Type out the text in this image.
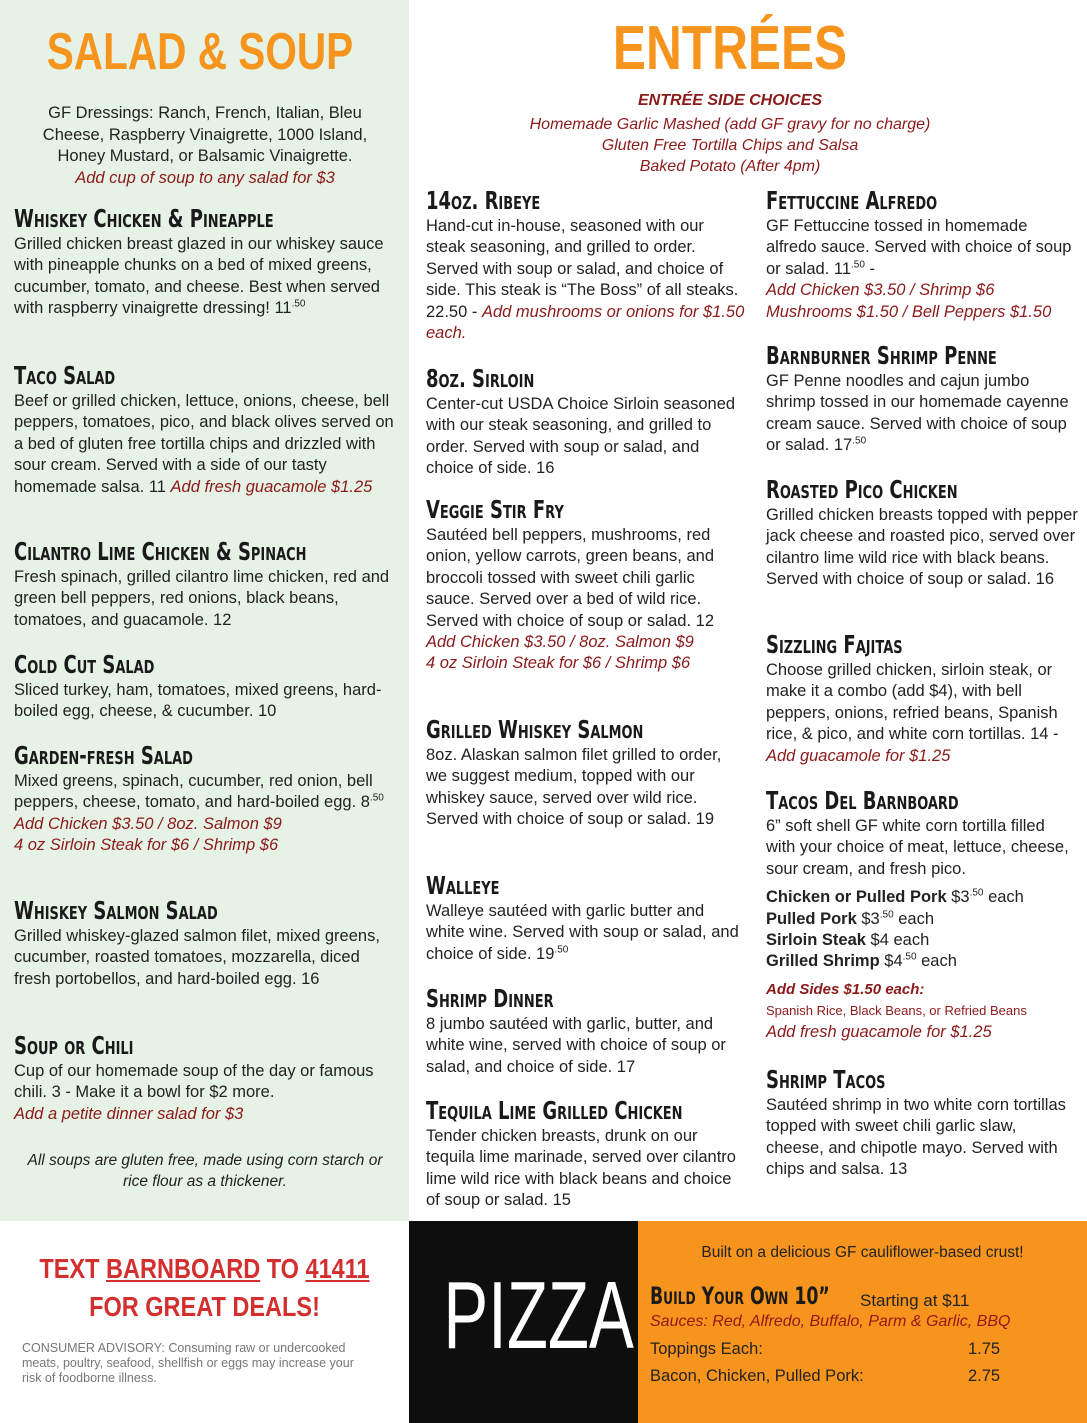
SALAD & SOUP
GF Dressings: Ranch, French, Italian, Bleu Cheese, Raspberry Vinaigrette, 1000 Island, Honey Mustard, or Balsamic Vinaigrette.
Add cup of soup to any salad for $3
Whiskey Chicken & Pineapple
Grilled chicken breast glazed in our whiskey sauce with pineapple chunks on a bed of mixed greens, cucumber, tomato, and cheese. Best when served with raspberry vinaigrette dressing! $11^{.50}$
Taco Salad
Beef or grilled chicken, lettuce, onions, cheese, bell peppers, tomatoes, pico, and black olives served on a bed of gluten free tortilla chips and drizzled with sour cream. Served with a side of our tasty homemade salsa. 11 Add fresh guacamole $1.25
Cilantro Lime Chicken & Spinach
Fresh spinach, grilled cilantro lime chicken, red and green bell peppers, red onions, black beans, tomatoes, and guacamole. 12
Cold Cut Salad
Sliced turkey, ham, tomatoes, mixed greens, hard-boiled egg, cheese, & cucumber. 10
Garden-fresh Salad
Mixed greens, spinach, cucumber, red onion, bell peppers, cheese, tomato, and hard-boiled egg. $8^{.50}$
Add Chicken $3.50 / 8oz. Salmon $9
4 oz Sirloin Steak for $6 / Shrimp $6
Whiskey Salmon Salad
Grilled whiskey-glazed salmon filet, mixed greens, cucumber, roasted tomatoes, mozzarella, diced fresh portobellos, and hard-boiled egg. 16
Soup or Chili
Cup of our homemade soup of the day or famous chili. 3 - Make it a bowl for $2 more.
Add a petite dinner salad for $3
All soups are gluten free, made using corn starch or rice flour as a thickener.
ENTRÉES
ENTRÉE SIDE CHOICES
Homemade Garlic Mashed (add GF gravy for no charge)
Gluten Free Tortilla Chips and Salsa
Baked Potato (After 4pm)
14oz. Ribeye
Hand-cut in-house, seasoned with our steak seasoning, and grilled to order. Served with soup or salad, and choice of side. This steak is “The Boss” of all steaks. 22.50 - Add mushrooms or onions for $1.50 each.
8oz. Sirloin
Center-cut USDA Choice Sirloin seasoned with our steak seasoning, and grilled to order. Served with soup or salad, and choice of side. 16
Veggie Stir Fry
Sautéed bell peppers, mushrooms, red onion, yellow carrots, green beans, and broccoli tossed with sweet chili garlic sauce. Served over a bed of wild rice. Served with choice of soup or salad. 12
Add Chicken $3.50 / 8oz. Salmon $9
4 oz Sirloin Steak for $6 / Shrimp $6
Grilled Whiskey Salmon
8oz. Alaskan salmon filet grilled to order, we suggest medium, topped with our whiskey sauce, served over wild rice. Served with choice of soup or salad. 19
Walleye
Walleye sautéed with garlic butter and white wine. Served with soup or salad, and choice of side. $19^{.50}$
Shrimp Dinner
8 jumbo sautéed with garlic, butter, and white wine, served with choice of soup or salad, and choice of side. 17
Tequila Lime Grilled Chicken
Tender chicken breasts, drunk on our tequila lime marinade, served over cilantro lime wild rice with black beans and choice of soup or salad. 15
Fettuccine Alfredo
GF Fettuccine tossed in homemade alfredo sauce. Served with choice of soup or salad. $11^{.50}$ -
Add Chicken $3.50 / Shrimp $6
Mushrooms $1.50 / Bell Peppers $1.50
Barnburner Shrimp Penne
GF Penne noodles and cajun jumbo shrimp tossed in our homemade cayenne cream sauce. Served with choice of soup or salad. $17^{.50}$
Roasted Pico Chicken
Grilled chicken breasts topped with pepper jack cheese and roasted pico, served over cilantro lime wild rice with black beans. Served with choice of soup or salad. 16
Sizzling Fajitas
Choose grilled chicken, sirloin steak, or make it a combo (add $4), with bell peppers, onions, refried beans, Spanish rice, & pico, and white corn tortillas. 14 - Add guacamole for $1.25
Tacos Del Barnboard
6” soft shell GF white corn tortilla filled with your choice of meat, lettuce, cheese, sour cream, and fresh pico.
Chicken or Pulled Pork $\$3^{.50}$ each
Pulled Pork $\$3^{.50}$ each
Sirloin Steak $4 each
Grilled Shrimp $\$4^{.50}$ each
Add Sides $1.50 each:
Spanish Rice, Black Beans, or Refried Beans
Add fresh guacamole for $1.25
Shrimp Tacos
Sautéed shrimp in two white corn tortillas topped with sweet chili garlic slaw, cheese, and chipotle mayo. Served with chips and salsa. 13
TEXT BARNBOARD TO 41411
FOR GREAT DEALS!
CONSUMER ADVISORY: Consuming raw or undercooked meats, poultry, seafood, shellfish or eggs may increase your risk of foodborne illness.
PIZZA
Built on a delicious GF cauliflower-based crust!
Build Your Own 10” Starting at $11
Sauces: Red, Alfredo, Buffalo, Parm & Garlic, BBQ
Toppings Each:	1.75
Bacon, Chicken, Pulled Pork:	2.75
